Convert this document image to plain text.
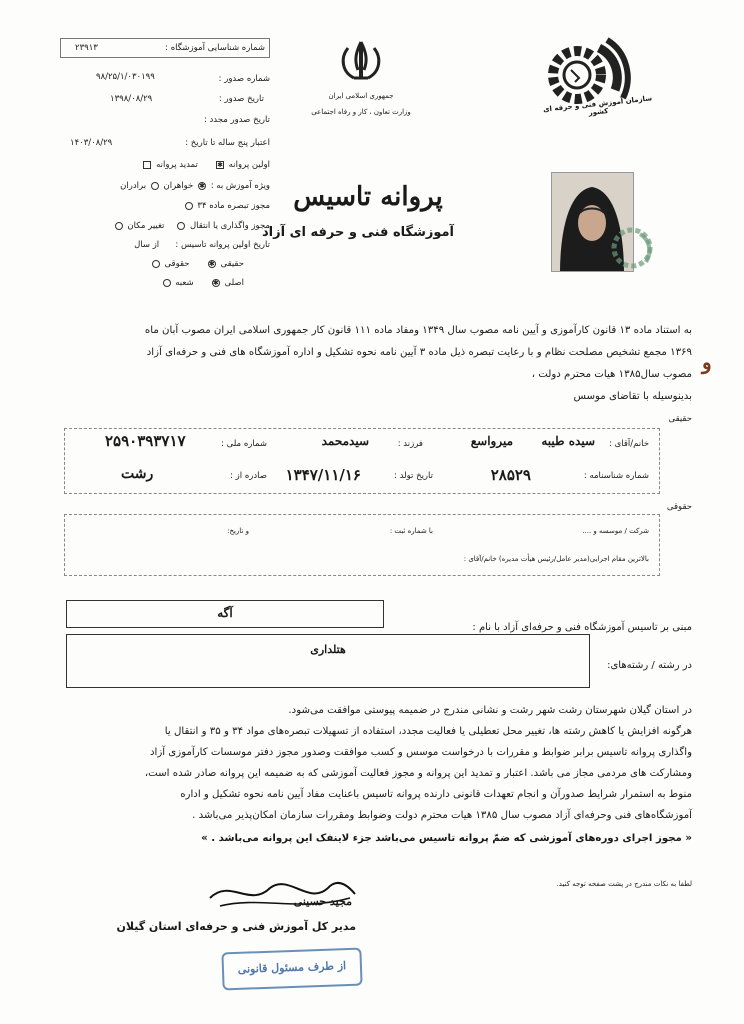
شماره شناسایی آموزشگاه :
۲۳۹۱۳
شماره صدور :
۹۸/۲۵/۱/۰۳۰۱۹۹
تاریخ صدور :
۱۳۹۸/۰۸/۲۹
تاریخ صدور مجدد :
اعتبار پنج ساله تا تاریخ :
۱۴۰۳/۰۸/۲۹
اولین پروانه ✱      تمدید پروانه
ویژه آموزش به : ✱ خواهران  برادران
مجوز تبصره ماده ۳۴
مجوز واگذاری یا انتقال     تغییر مکان
تاریخ اولین پروانه تاسیس :      از سال
حقیقی ✱      حقوقی
اصلی ✱      شعبه
جمهوری اسلامی ایران
وزارت تعاون ، کار و رفاه اجتماعی	سازمان آموزش فنی و حرفه ای کشور
پروانه تاسیس
آموزشگاه فنی و حرفه ای آزاد
به استناد ماده ۱۳ قانون کارآموزی و آیین نامه مصوب سال ۱۳۴۹ ومفاد ماده ۱۱۱ قانون کار جمهوری اسلامی ایران مصوب آبان ماه
۱۳۶۹ مجمع تشخیص مصلحت نظام و با رعایت تبصره ذیل ماده ۳ آیین نامه نحوه تشکیل و اداره آموزشگاه های فنی و حرفه‌ای آزاد
مصوب سال۱۳۸۵ هیات محترم دولت ،
بدینوسیله با تقاضای موسس
و
حقیقی
خانم/آقای :
سیده طیبه
میرواسع
فرزند :
سیدمحمد
شماره ملی :
۲۵۹۰۳۹۳۷۱۷
شماره شناسنامه :
۲۸۵۲۹
تاریخ تولد :
۱۳۴۷/۱۱/۱۶
صادره از :
رشت
حقوقی
شرکت / موسسه و ....
با شماره ثبت :
و تاریخ:
بالاترین مقام اجرایی(مدیر عامل/رئیس هیأت مدیره) خانم/آقای :
مبنی بر تاسیس آموزشگاه فنی و حرفه‌ای آزاد با نام :
آگه
در رشته / رشته‌های:
هتلداری
در استان گیلان شهرستان رشت شهر رشت و نشانی مندرج در ضمیمه پیوستی موافقت می‌شود.
هرگونه افزایش یا کاهش رشته ها، تغییر محل تعطیلی یا فعالیت مجدد، استفاده از تسهیلات تبصره‌های مواد ۳۴ و ۳۵ و انتقال یا
واگذاری پروانه تاسیس برابر ضوابط و مقررات با درخواست موسس و کسب موافقت وصدور مجوز دفتر موسسات کارآموزی آزاد
ومشارکت های مردمی مجاز می باشد. اعتبار و تمدید این پروانه و مجوز فعالیت آموزشی که به ضمیمه این پروانه صادر شده است،
منوط به استمرار شرایط صدورآن و انجام تعهدات قانونی دارنده پروانه تاسیس باعنایت مفاد آیین نامه نحوه تشکیل و اداره
آموزشگاه‌های فنی وحرفه‌ای آزاد مصوب سال ۱۳۸۵ هیات محترم دولت وضوابط ومقررات سازمان امکان‌پذیر می‌باشد .
« مجوز اجرای دوره‌های آموزشی که ضمّ پروانه تاسیس می‌باشد جزء لاینفک این پروانه می‌باشد . »
لطفا به نکات مندرج در پشت صفحه توجه کنید.
مجید حسینی
مدیر کل آموزش فنی و حرفه‌ای استان گیلان
از طرف مسئول قانونی
